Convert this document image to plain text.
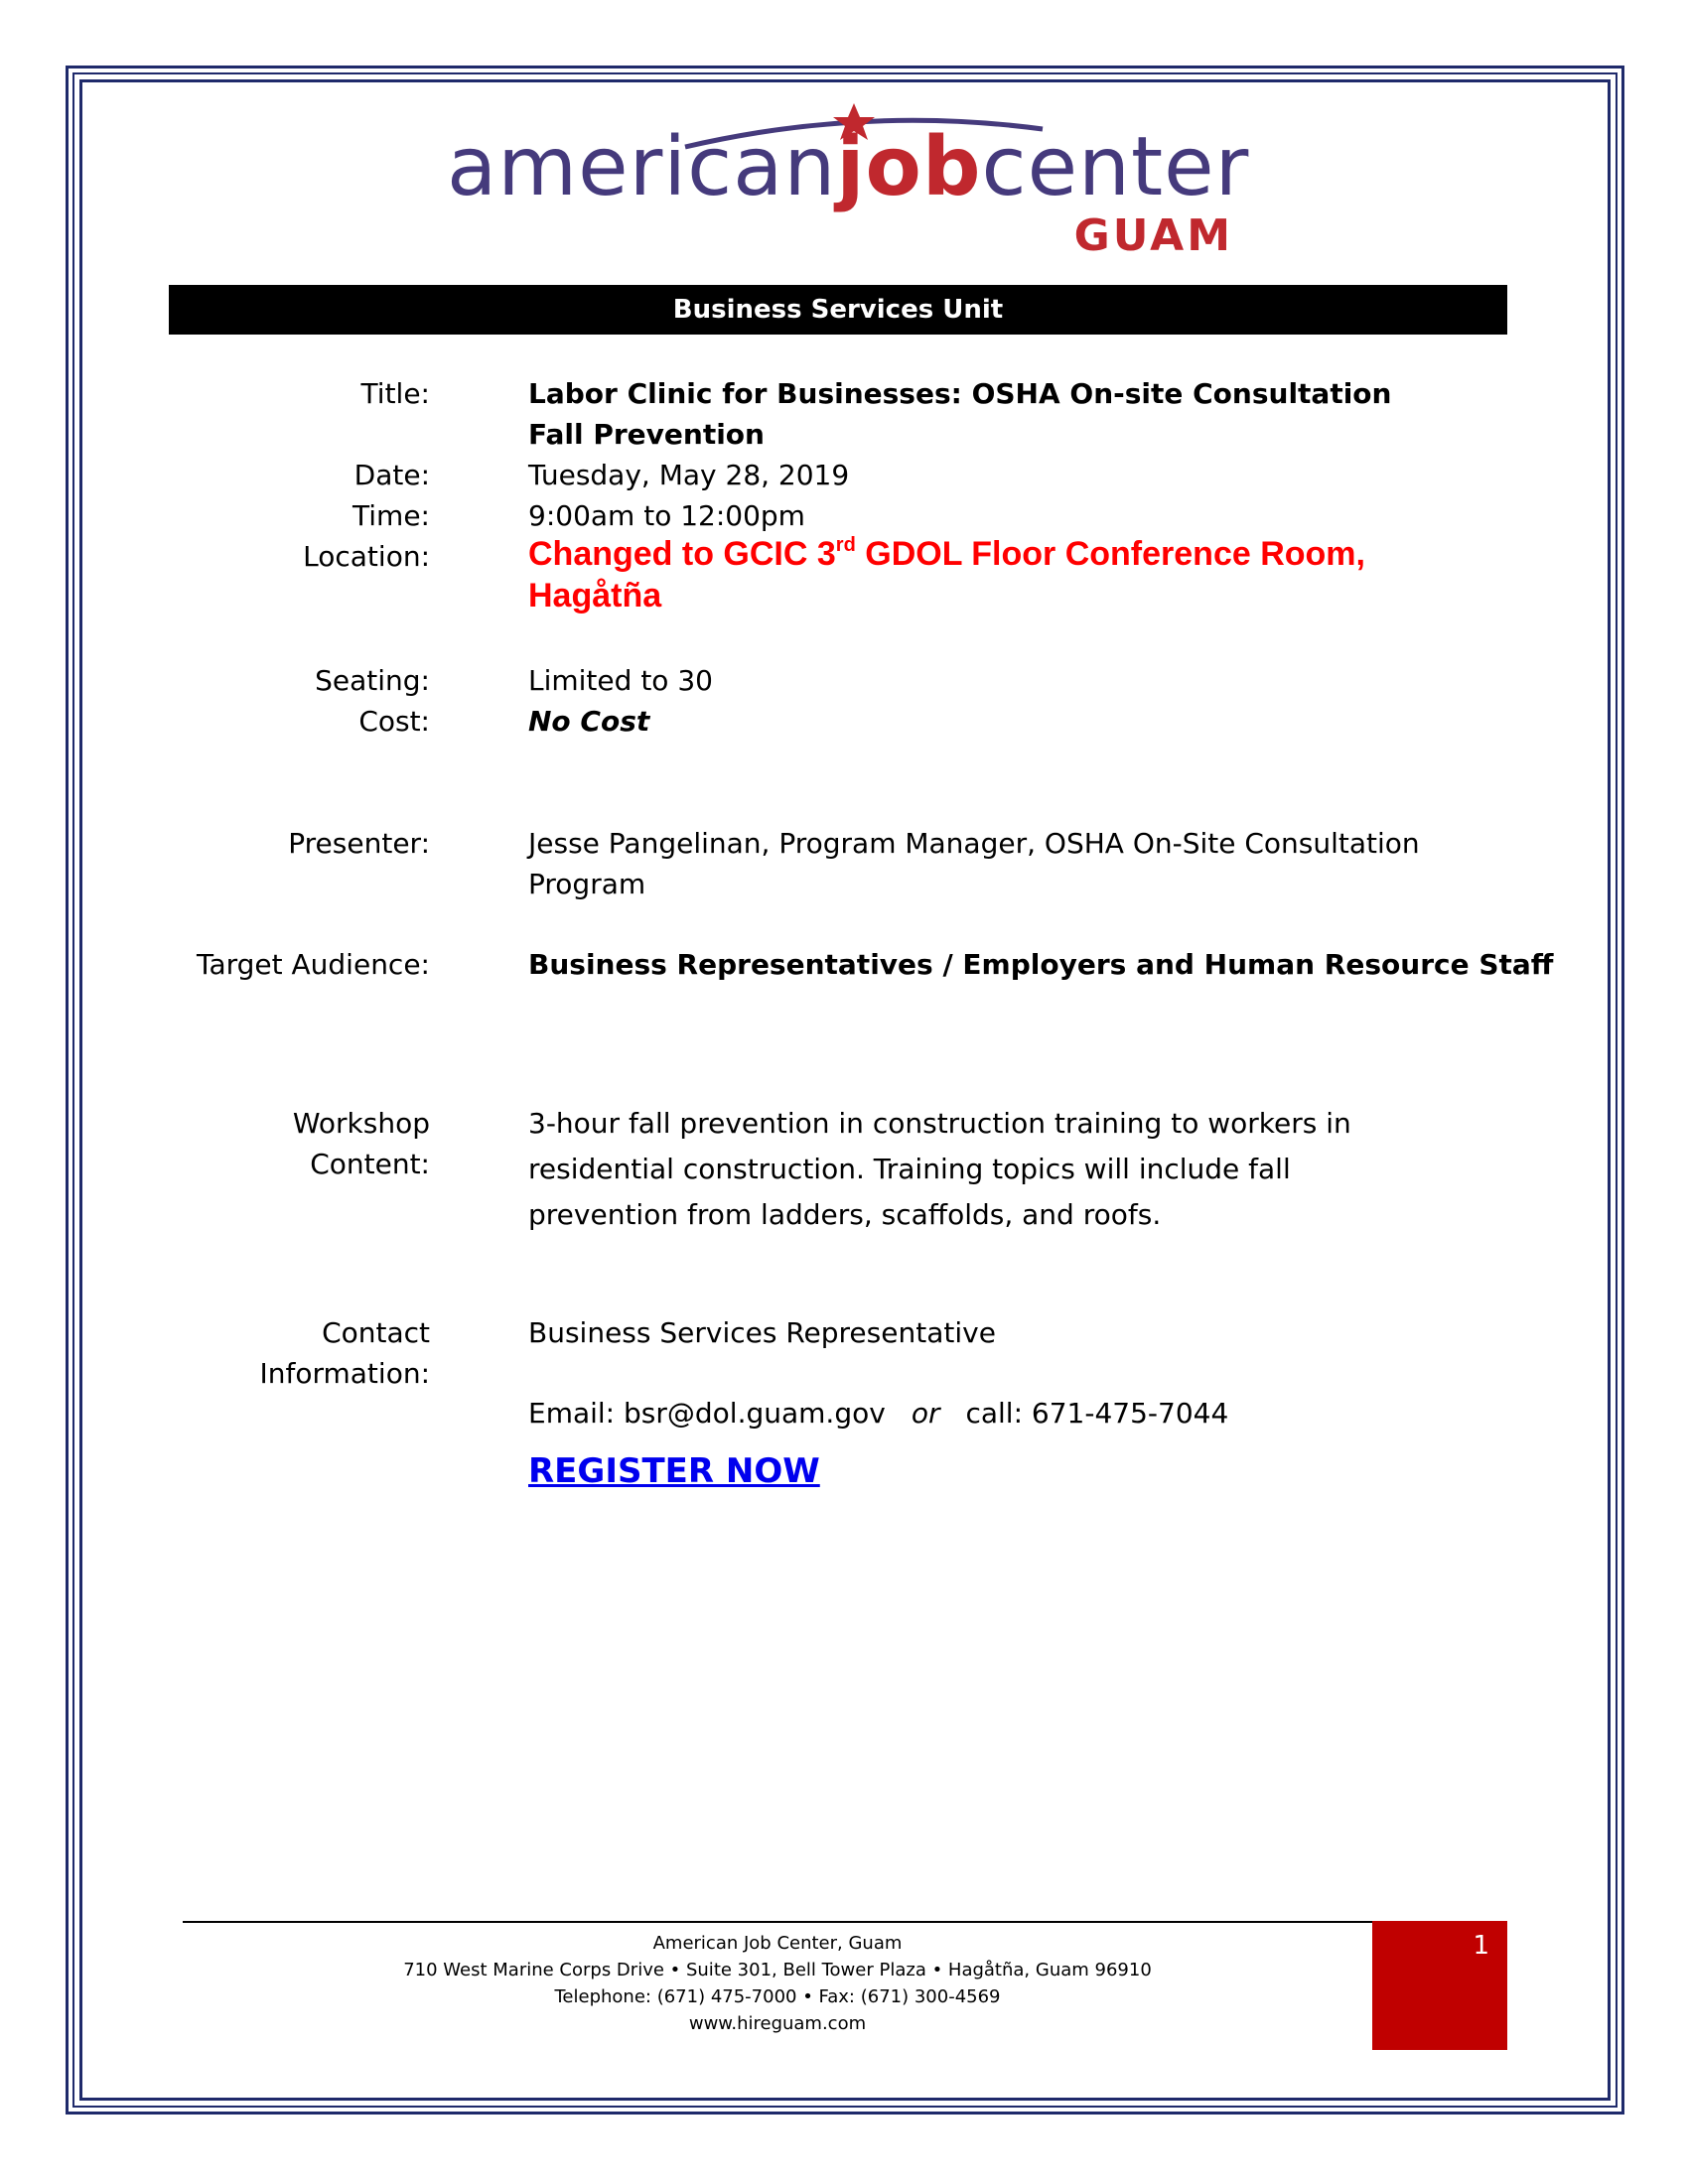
americanjobcenter
GUAM
Business Services Unit
Title:	Labor Clinic for Businesses: OSHA On-site Consultation Fall Prevention
Date:	Tuesday, May 28, 2019
Time:	9:00am to 12:00pm
Location:	Changed to GCIC 3rd GDOL Floor Conference Room, Hagåtña
Seating:	Limited to 30
Cost:	No Cost
Presenter:	Jesse Pangelinan, Program Manager, OSHA On-Site Consultation Program
Target Audience:	Business Representatives / Employers and Human Resource Staff
Workshop
Content:
3-hour fall prevention in construction training to workers in residential construction. Training topics will include fall prevention from ladders, scaffolds, and roofs.
Contact
Information:
Business Services Representative
Email: bsr@dol.guam.gov or call: 671-475-7044
REGISTER NOW
American Job Center, Guam
710 West Marine Corps Drive • Suite 301, Bell Tower Plaza • Hagåtña, Guam 96910
Telephone: (671) 475-7000 • Fax: (671) 300-4569
www.hireguam.com
1
